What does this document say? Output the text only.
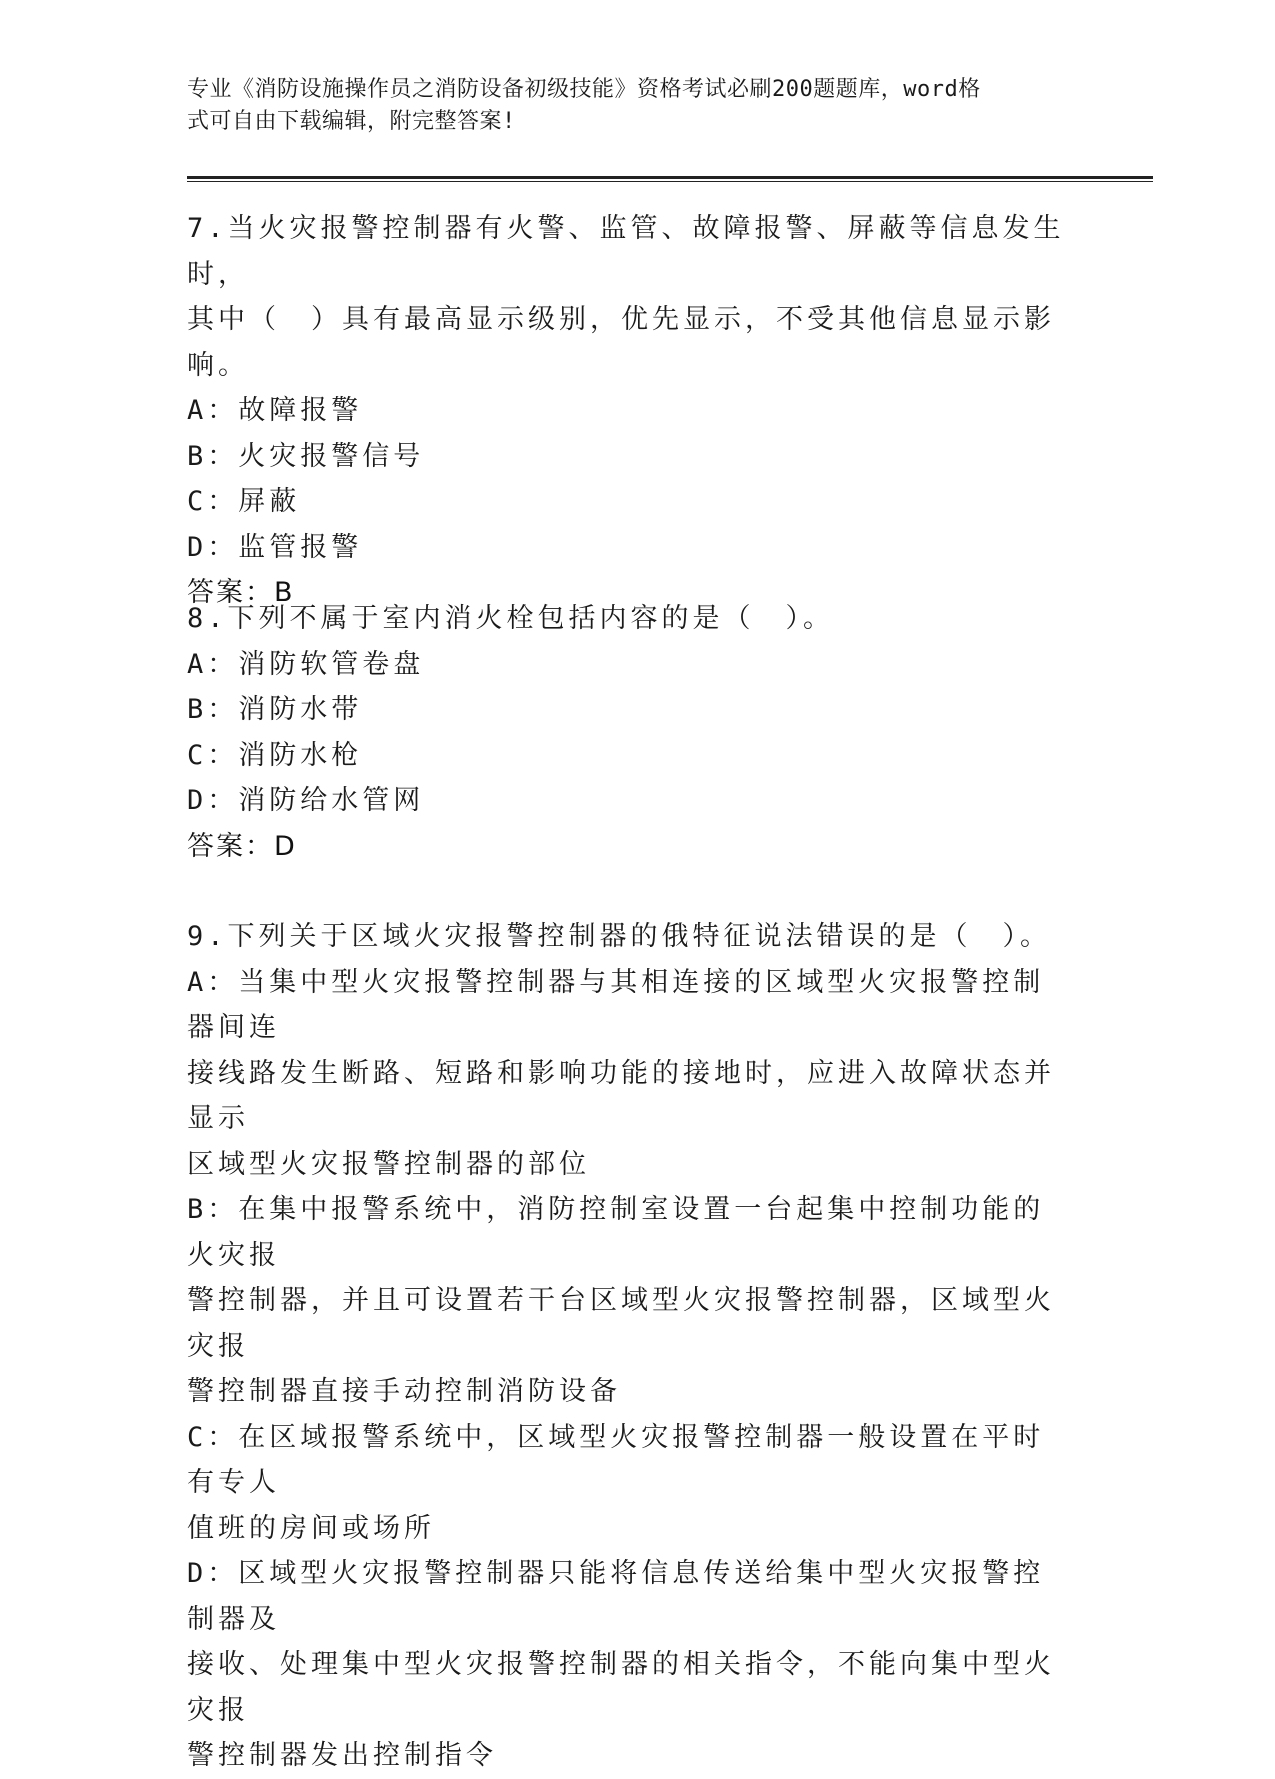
专业《消防设施操作员之消防设备初级技能》资格考试必刷200题题库，word格
式可自由下载编辑，附完整答案!

7.当火灾报警控制器有火警、监管、故障报警、屏蔽等信息发生时，

其中（　）具有最高显示级别，优先显示，不受其他信息显示影响。

A：故障报警

B：火灾报警信号

C：屏蔽

D：监管报警

答案：B

8.下列不属于室内消火栓包括内容的是（　）。

A：消防软管卷盘

B：消防水带

C：消防水枪

D：消防给水管网

答案：D

9.下列关于区域火灾报警控制器的俄特征说法错误的是（　）。

A：当集中型火灾报警控制器与其相连接的区域型火灾报警控制器间连

接线路发生断路、短路和影响功能的接地时，应进入故障状态并显示

区域型火灾报警控制器的部位

B：在集中报警系统中，消防控制室设置一台起集中控制功能的火灾报

警控制器，并且可设置若干台区域型火灾报警控制器，区域型火灾报

警控制器直接手动控制消防设备

C：在区域报警系统中，区域型火灾报警控制器一般设置在平时有专人

值班的房间或场所

D：区域型火灾报警控制器只能将信息传送给集中型火灾报警控制器及

接收、处理集中型火灾报警控制器的相关指令，不能向集中型火灾报

警控制器发出控制指令
